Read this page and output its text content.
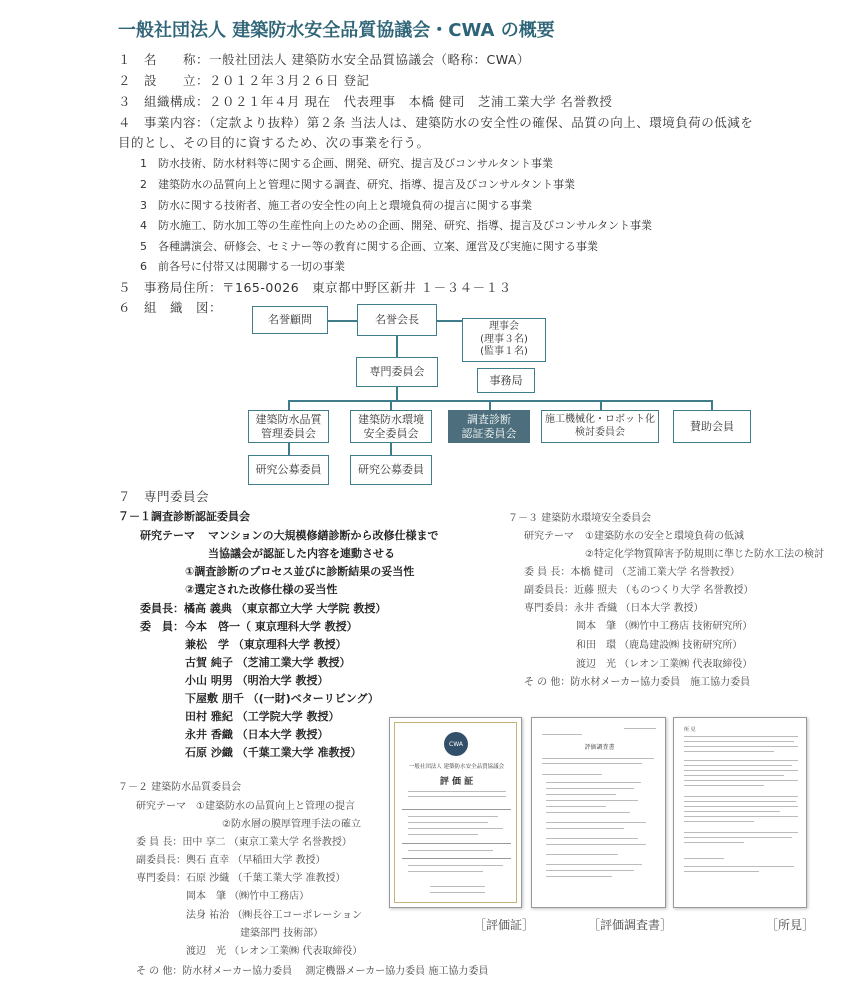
一般社団法人 建築防水安全品質協議会・CWA の概要
１　名　　称：一般社団法人 建築防水安全品質協議会（略称：CWA）
２　設　　立：２０１２年３月２６日 登記
３　組織構成：２０２１年４月 現在　代表理事　本橋 健司　芝浦工業大学 名誉教授
４　事業内容：（定款より抜粋）第２条 当法人は、建築防水の安全性の確保、品質の向上、環境負荷の低減を
目的とし、その目的に資するため、次の事業を行う。
1　防水技術、防水材料等に関する企画、開発、研究、提言及びコンサルタント事業
2　建築防水の品質向上と管理に関する調査、研究、指導、提言及びコンサルタント事業
3　防水に関する技術者、施工者の安全性の向上と環境負荷の提言に関する事業
4　防水施工、防水加工等の生産性向上のための企画、開発、研究、指導、提言及びコンサルタント事業
5　各種講演会、研修会、セミナー等の教育に関する企画、立案、運営及び実施に関する事業
6　前各号に付帯又は関聯する一切の事業
５　事務局住所：〒165-0026　東京都中野区新井 １－３４－１３
６　組　織　図：
名誉顧問	名誉会長
理事会
(理事３名)
(監事１名)
専門委員会
事務局
建築防水品質
管理委員会
建築防水環境
安全委員会
調査診断
認証委員会
施工機械化・ロボット化
検討委員会	賛助会員
研究公募委員	研究公募委員
７　専門委員会
７－１調査診断認証委員会
研究テーマ マンションの大規模修繕診断から改修仕様まで
当協議会が認証した内容を連動させる
①調査診断のプロセス並びに診断結果の妥当性
②選定された改修仕様の妥当性
委員長：橘高 義典 （東京都立大学 大学院 教授）
委　員： 今本　啓一（ 東京理科大学 教授）
兼松　学 （東京理科大学 教授）
古賀 純子 （芝浦工業大学 教授）
小山 明男 （明治大学 教授）
下屋敷 朋千 （(一財)ベターリビング）
田村 雅紀 （工学院大学 教授）
永井 香織 （日本大学 教授）
石原 沙織 （千葉工業大学 准教授）
７－２ 建築防水品質委員会
研究テーマ ①建築防水の品質向上と管理の提言
②防水層の膜厚管理手法の確立
委 員 長：田中 享二 （東京工業大学 名誉教授）
副委員長：輿石 直幸 （早稲田大学 教授）
専門委員：石原 沙織 （千葉工業大学 准教授）
岡本　肇 （㈱竹中工務店）
法身 祐治 （㈱長谷工コーポレーション
建築部門 技術部）
渡辺　光 （レオン工業㈱ 代表取締役）
そ の 他：防水材メーカー協力委員　 測定機器メーカー協力委員 施工協力委員
７－３ 建築防水環境安全委員会
研究テーマ ①建築防水の安全と環境負荷の低減
②特定化学物質障害予防規則に準じた防水工法の検討
委 員 長：本橋 健司 （芝浦工業大学 名誉教授）
副委員長：近藤 照夫 （ものつくり大学 名誉教授）
専門委員：永井 香織 （日本大学 教授）
岡本　肇 （㈱竹中工務店 技術研究所）
和田　環 （鹿島建設㈱ 技術研究所）
渡辺　光 （レオン工業㈱ 代表取締役）
そ の 他：防水材メーカー協力委員　施工協力委員
CWA
一般社団法人 建築防水安全品質協議会
評 価 証
評価調査書
所 見
［評価証］	［評価調査書］	［所見］
